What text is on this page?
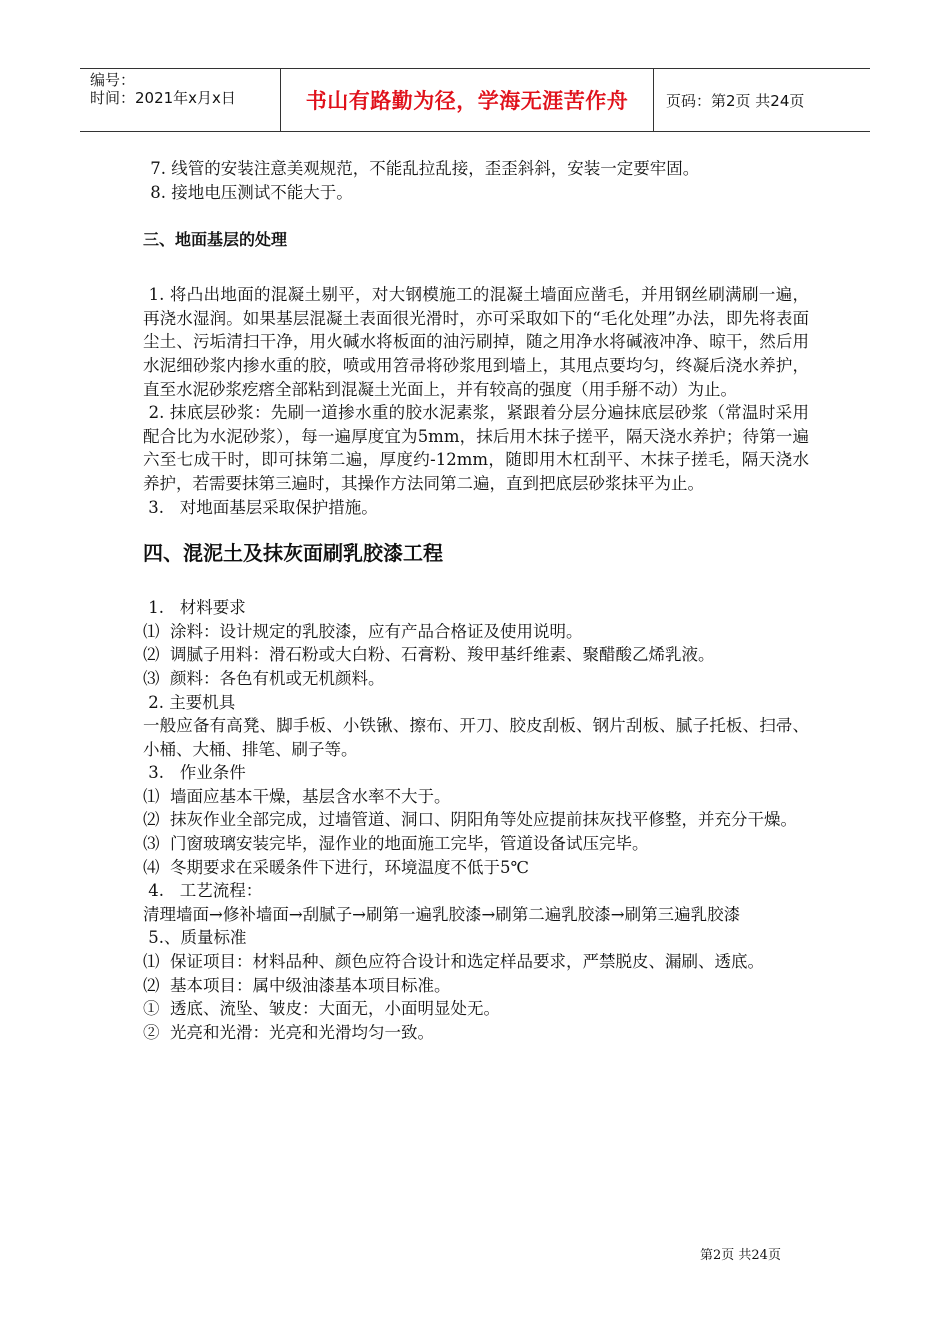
编号：
时间：2021年x月x日	书山有路勤为径，学海无涯苦作舟	页码：第2页 共24页

7. 线管的安装注意美观规范，不能乱拉乱接，歪歪斜斜，安装一定要牢固。

8. 接地电压测试不能大于。

三、地面基层的处理

1. 将凸出地面的混凝土剔平，对大钢模施工的混凝土墙面应凿毛，并用钢丝刷满刷一遍，再浇水湿润。如果基层混凝土表面很光滑时，亦可采取如下的“毛化处理”办法，即先将表面尘土、污垢清扫干净，用火碱水将板面的油污刷掉，随之用净水将碱液冲净、晾干，然后用水泥细砂浆内掺水重的胶，喷或用笤帚将砂浆甩到墙上，其甩点要均匀，终凝后浇水养护，直至水泥砂浆疙瘩全部粘到混凝土光面上，并有较高的强度（用手掰不动）为止。

2. 抹底层砂浆：先刷一道掺水重的胶水泥素浆，紧跟着分层分遍抹底层砂浆（常温时采用配合比为水泥砂浆），每一遍厚度宜为5mm，抹后用木抹子搓平，隔天浇水养护；待第一遍六至七成干时，即可抹第二遍，厚度约-12mm，随即用木杠刮平、木抹子搓毛，隔天浇水养护，若需要抹第三遍时，其操作方法同第二遍，直到把底层砂浆抹平为止。

3.   对地面基层采取保护措施。

四、混泥土及抹灰面刷乳胶漆工程

1.   材料要求

⑴  涂料：设计规定的乳胶漆，应有产品合格证及使用说明。

⑵  调腻子用料：滑石粉或大白粉、石膏粉、羧甲基纤维素、聚醋酸乙烯乳液。

⑶  颜料：各色有机或无机颜料。

2. 主要机具

一般应备有高凳、脚手板、小铁锹、擦布、开刀、胶皮刮板、钢片刮板、腻子托板、扫帚、小桶、大桶、排笔、刷子等。

3.   作业条件

⑴  墙面应基本干燥，基层含水率不大于。

⑵  抹灰作业全部完成，过墙管道、洞口、阴阳角等处应提前抹灰找平修整，并充分干燥。

⑶  门窗玻璃安装完毕，湿作业的地面施工完毕，管道设备试压完毕。

⑷  冬期要求在采暖条件下进行，环境温度不低于5℃

4.   工艺流程：

清理墙面→修补墙面→刮腻子→刷第一遍乳胶漆→刷第二遍乳胶漆→刷第三遍乳胶漆

5.、质量标准

⑴  保证项目：材料品种、颜色应符合设计和选定样品要求，严禁脱皮、漏刷、透底。

⑵  基本项目：属中级油漆基本项目标准。

①  透底、流坠、皱皮：大面无，小面明显处无。

②  光亮和光滑：光亮和光滑均匀一致。

第2页 共24页
